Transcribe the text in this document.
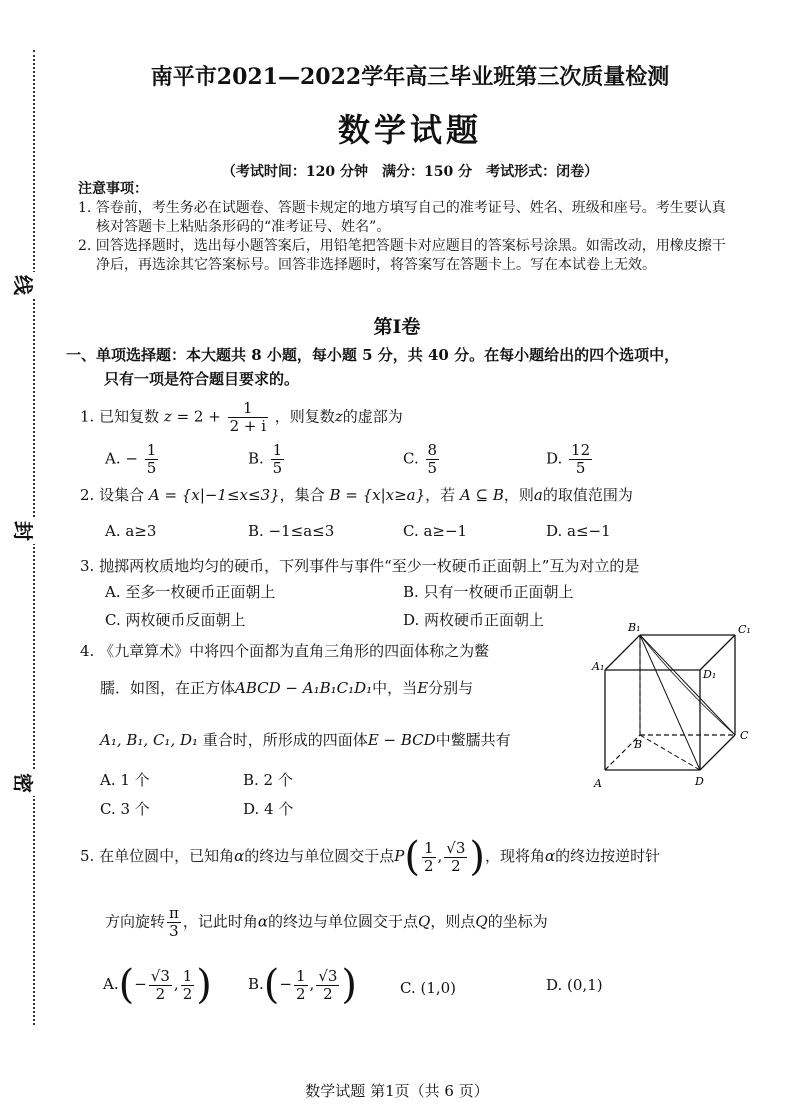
线
封
密
南平市2021—2022学年高三毕业班第三次质量检测
数学试题
（考试时间：120 分钟　满分：150 分　考试形式：闭卷）
注意事项：
1. 答卷前，考生务必在试题卷、答题卡规定的地方填写自己的准考证号、姓名、班级和座号。考生要认真核对答题卡上粘贴条形码的“准考证号、姓名”。
2. 回答选择题时，选出每小题答案后，用铅笔把答题卡对应题目的答案标号涂黑。如需改动，用橡皮擦干净后，再选涂其它答案标号。回答非选择题时，将答案写在答题卡上。写在本试卷上无效。
第Ⅰ卷
一、单项选择题：本大题共 8 小题，每小题 5 分，共 40 分。在每小题给出的四个选项中，
只有一项是符合题目要求的。
1. 已知复数 $z = 2 + \frac{1}{2 + i}$ ，则复数z的虚部为
A. − $\frac{1}{5}$	B. $\frac{1}{5}$	C. $\frac{8}{5}$	D. $\frac{12}{5}$
2. 设集合 A = {x|−1≤x≤3}，集合 B = {x|x≥a}，若 A ⊆ B，则a的取值范围为
A. a≥3	B. −1≤a≤3	C. a≥−1	D. a≤−1
3. 抛掷两枚质地均匀的硬币，下列事件与事件“至少一枚硬币正面朝上”互为对立的是
A. 至多一枚硬币正面朝上	B. 只有一枚硬币正面朝上
C. 两枚硬币反面朝上	D. 两枚硬币正面朝上
4. 《九章算术》中将四个面都为直角三角形的四面体称之为鳖
臑．如图，在正方体ABCD − A₁B₁C₁D₁中，当E分别与
A₁, B₁, C₁, D₁ 重合时，所形成的四面体E − BCD中鳖臑共有
A. 1 个	B. 2 个
C. 3 个	D. 4 个
B₁	C₁
A₁
D₁
B
C
A	D
5. 在单位圆中，已知角α的终边与单位圆交于点$P( \frac{1}{2}$ , $\frac{√3}{2}$ )，现将角α的终边按逆时针
方向旋转 $\frac{\pi}{3}$ ，记此时角α的终边与单位圆交于点Q，则点Q的坐标为
$A.(- \frac{√3}{2}$ , $\frac{1}{2}$ ) $B.(- \frac{1}{2}$ , $\frac{√3}{2}$ )	C. (1,0)	D. (0,1)
数学试题 第1页（共 6 页）
